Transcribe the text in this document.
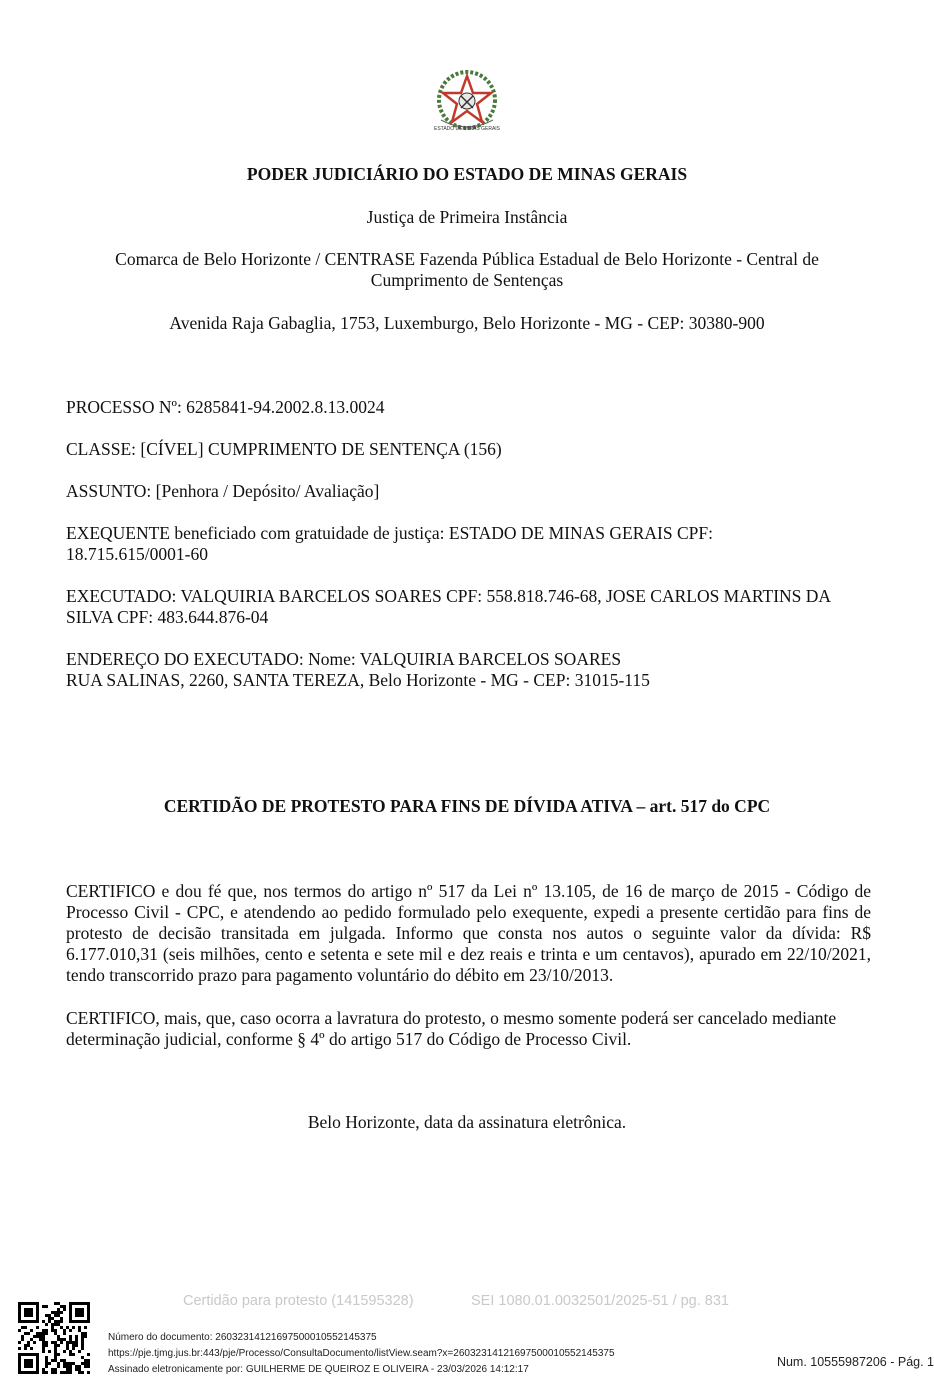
ESTADO DE MINAS GERAIS
PODER JUDICIÁRIO DO ESTADO DE MINAS GERAIS
Justiça de Primeira Instância
Comarca de Belo Horizonte / CENTRASE Fazenda Pública Estadual de Belo Horizonte - Central de Cumprimento de Sentenças
Avenida Raja Gabaglia, 1753, Luxemburgo, Belo Horizonte - MG - CEP: 30380-900
PROCESSO Nº: 6285841-94.2002.8.13.0024
CLASSE: [CÍVEL] CUMPRIMENTO DE SENTENÇA (156)
ASSUNTO: [Penhora / Depósito/ Avaliação]
EXEQUENTE beneficiado com gratuidade de justiça: ESTADO DE MINAS GERAIS CPF: 18.715.615/0001-60
EXECUTADO: VALQUIRIA BARCELOS SOARES CPF: 558.818.746-68, JOSE CARLOS MARTINS DA SILVA CPF: 483.644.876-04
ENDEREÇO DO EXECUTADO: Nome: VALQUIRIA BARCELOS SOARES
RUA SALINAS, 2260, SANTA TEREZA, Belo Horizonte - MG - CEP: 31015-115
CERTIDÃO DE PROTESTO PARA FINS DE DÍVIDA ATIVA – art. 517 do CPC
CERTIFICO e dou fé que, nos termos do artigo nº 517 da Lei nº 13.105, de 16 de março de 2015 - Código de Processo Civil - CPC, e atendendo ao pedido formulado pelo exequente, expedi a presente certidão para fins de protesto de decisão transitada em julgada. Informo que consta nos autos o seguinte valor da dívida: R$ 6.177.010,31 (seis milhões, cento e setenta e sete mil e dez reais e trinta e um centavos), apurado em 22/10/2021, tendo transcorrido prazo para pagamento voluntário do débito em 23/10/2013.
CERTIFICO, mais, que, caso ocorra a lavratura do protesto, o mesmo somente poderá ser cancelado mediante determinação judicial, conforme § 4º do artigo 517 do Código de Processo Civil.
Belo Horizonte, data da assinatura eletrônica.
Certidão para protesto (141595328)	SEI 1080.01.0032501/2025-51 / pg. 831
Número do documento: 26032314121697500010552145375
https://pje.tjmg.jus.br:443/pje/Processo/ConsultaDocumento/listView.seam?x=26032314121697500010552145375
Assinado eletronicamente por: GUILHERME DE QUEIROZ E OLIVEIRA - 23/03/2026 14:12:17
Num. 10555987206 - Pág. 1
